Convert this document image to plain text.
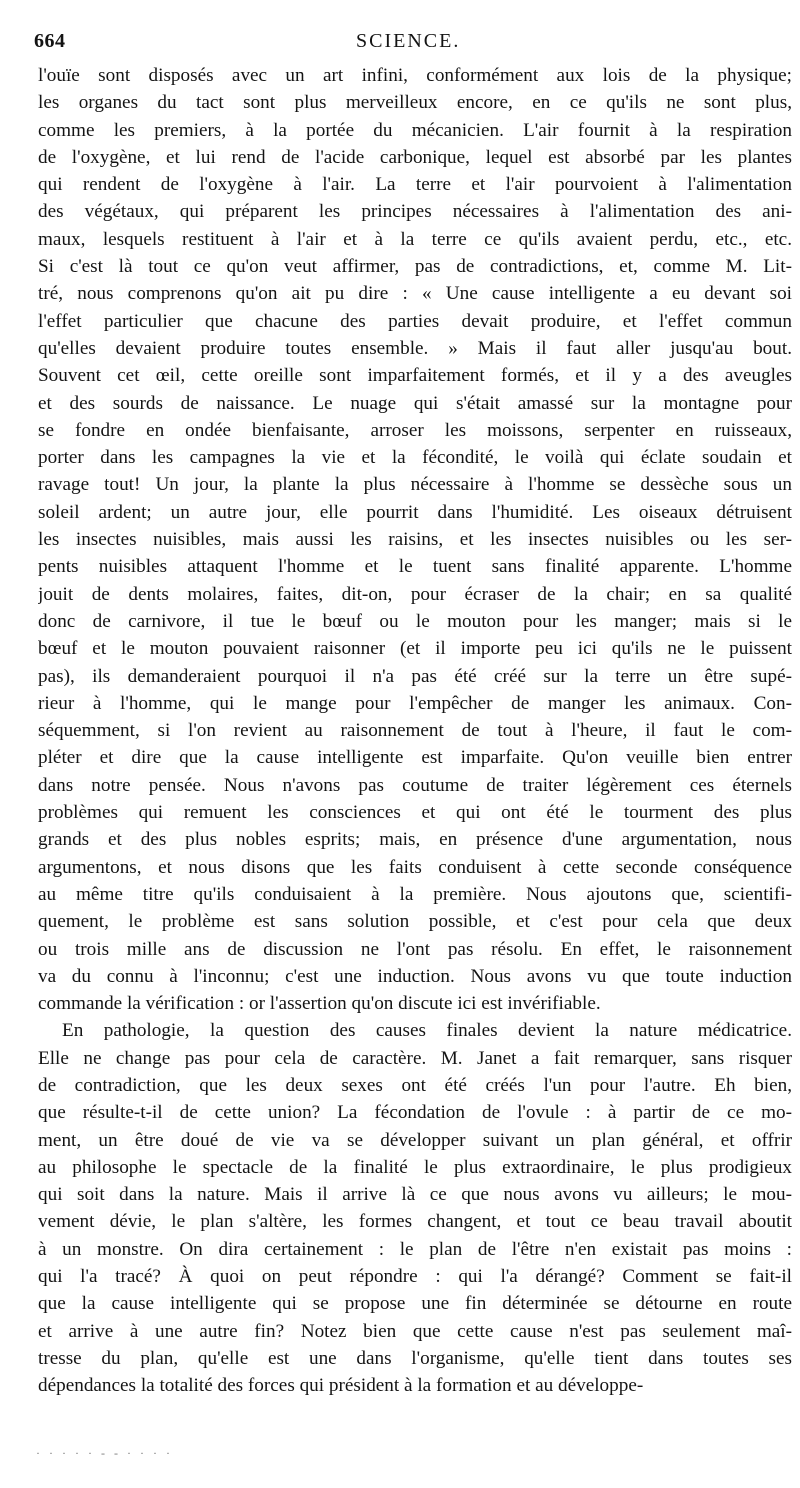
664	SCIENCE.
l'ouïe sont disposés avec un art infini, conformément aux lois de la physique;
les organes du tact sont plus merveilleux encore, en ce qu'ils ne sont plus,
comme les premiers, à la portée du mécanicien. L'air fournit à la respiration
de l'oxygène, et lui rend de l'acide carbonique, lequel est absorbé par les plantes
qui rendent de l'oxygène à l'air. La terre et l'air pourvoient à l'alimentation
des végétaux, qui préparent les principes nécessaires à l'alimentation des ani-
maux, lesquels restituent à l'air et à la terre ce qu'ils avaient perdu, etc., etc.
Si c'est là tout ce qu'on veut affirmer, pas de contradictions, et, comme M. Lit-
tré, nous comprenons qu'on ait pu dire : « Une cause intelligente a eu devant soi
l'effet particulier que chacune des parties devait produire, et l'effet commun
qu'elles devaient produire toutes ensemble. » Mais il faut aller jusqu'au bout.
Souvent cet œil, cette oreille sont imparfaitement formés, et il y a des aveugles
et des sourds de naissance. Le nuage qui s'était amassé sur la montagne pour
se fondre en ondée bienfaisante, arroser les moissons, serpenter en ruisseaux,
porter dans les campagnes la vie et la fécondité, le voilà qui éclate soudain et
ravage tout! Un jour, la plante la plus nécessaire à l'homme se dessèche sous un
soleil ardent; un autre jour, elle pourrit dans l'humidité. Les oiseaux détruisent
les insectes nuisibles, mais aussi les raisins, et les insectes nuisibles ou les ser-
pents nuisibles attaquent l'homme et le tuent sans finalité apparente. L'homme
jouit de dents molaires, faites, dit-on, pour écraser de la chair; en sa qualité
donc de carnivore, il tue le bœuf ou le mouton pour les manger; mais si le
bœuf et le mouton pouvaient raisonner (et il importe peu ici qu'ils ne le puissent
pas), ils demanderaient pourquoi il n'a pas été créé sur la terre un être supé-
rieur à l'homme, qui le mange pour l'empêcher de manger les animaux. Con-
séquemment, si l'on revient au raisonnement de tout à l'heure, il faut le com-
pléter et dire que la cause intelligente est imparfaite. Qu'on veuille bien entrer
dans notre pensée. Nous n'avons pas coutume de traiter légèrement ces éternels
problèmes qui remuent les consciences et qui ont été le tourment des plus
grands et des plus nobles esprits; mais, en présence d'une argumentation, nous
argumentons, et nous disons que les faits conduisent à cette seconde conséquence
au même titre qu'ils conduisaient à la première. Nous ajoutons que, scientifi-
quement, le problème est sans solution possible, et c'est pour cela que deux
ou trois mille ans de discussion ne l'ont pas résolu. En effet, le raisonnement
va du connu à l'inconnu; c'est une induction. Nous avons vu que toute induction
commande la vérification : or l'assertion qu'on discute ici est invérifiable.
En pathologie, la question des causes finales devient la nature médicatrice.
Elle ne change pas pour cela de caractère. M. Janet a fait remarquer, sans risquer
de contradiction, que les deux sexes ont été créés l'un pour l'autre. Eh bien,
que résulte-t-il de cette union? La fécondation de l'ovule : à partir de ce mo-
ment, un être doué de vie va se développer suivant un plan général, et offrir
au philosophe le spectacle de la finalité le plus extraordinaire, le plus prodigieux
qui soit dans la nature. Mais il arrive là ce que nous avons vu ailleurs; le mou-
vement dévie, le plan s'altère, les formes changent, et tout ce beau travail aboutit
à un monstre. On dira certainement : le plan de l'être n'en existait pas moins :
qui l'a tracé? À quoi on peut répondre : qui l'a dérangé? Comment se fait-il
que la cause intelligente qui se propose une fin déterminée se détourne en route
et arrive à une autre fin? Notez bien que cette cause n'est pas seulement maî-
tresse du plan, qu'elle est une dans l'organisme, qu'elle tient dans toutes ses
dépendances la totalité des forces qui président à la formation et au développe-
· · · · · - - · · · ·
